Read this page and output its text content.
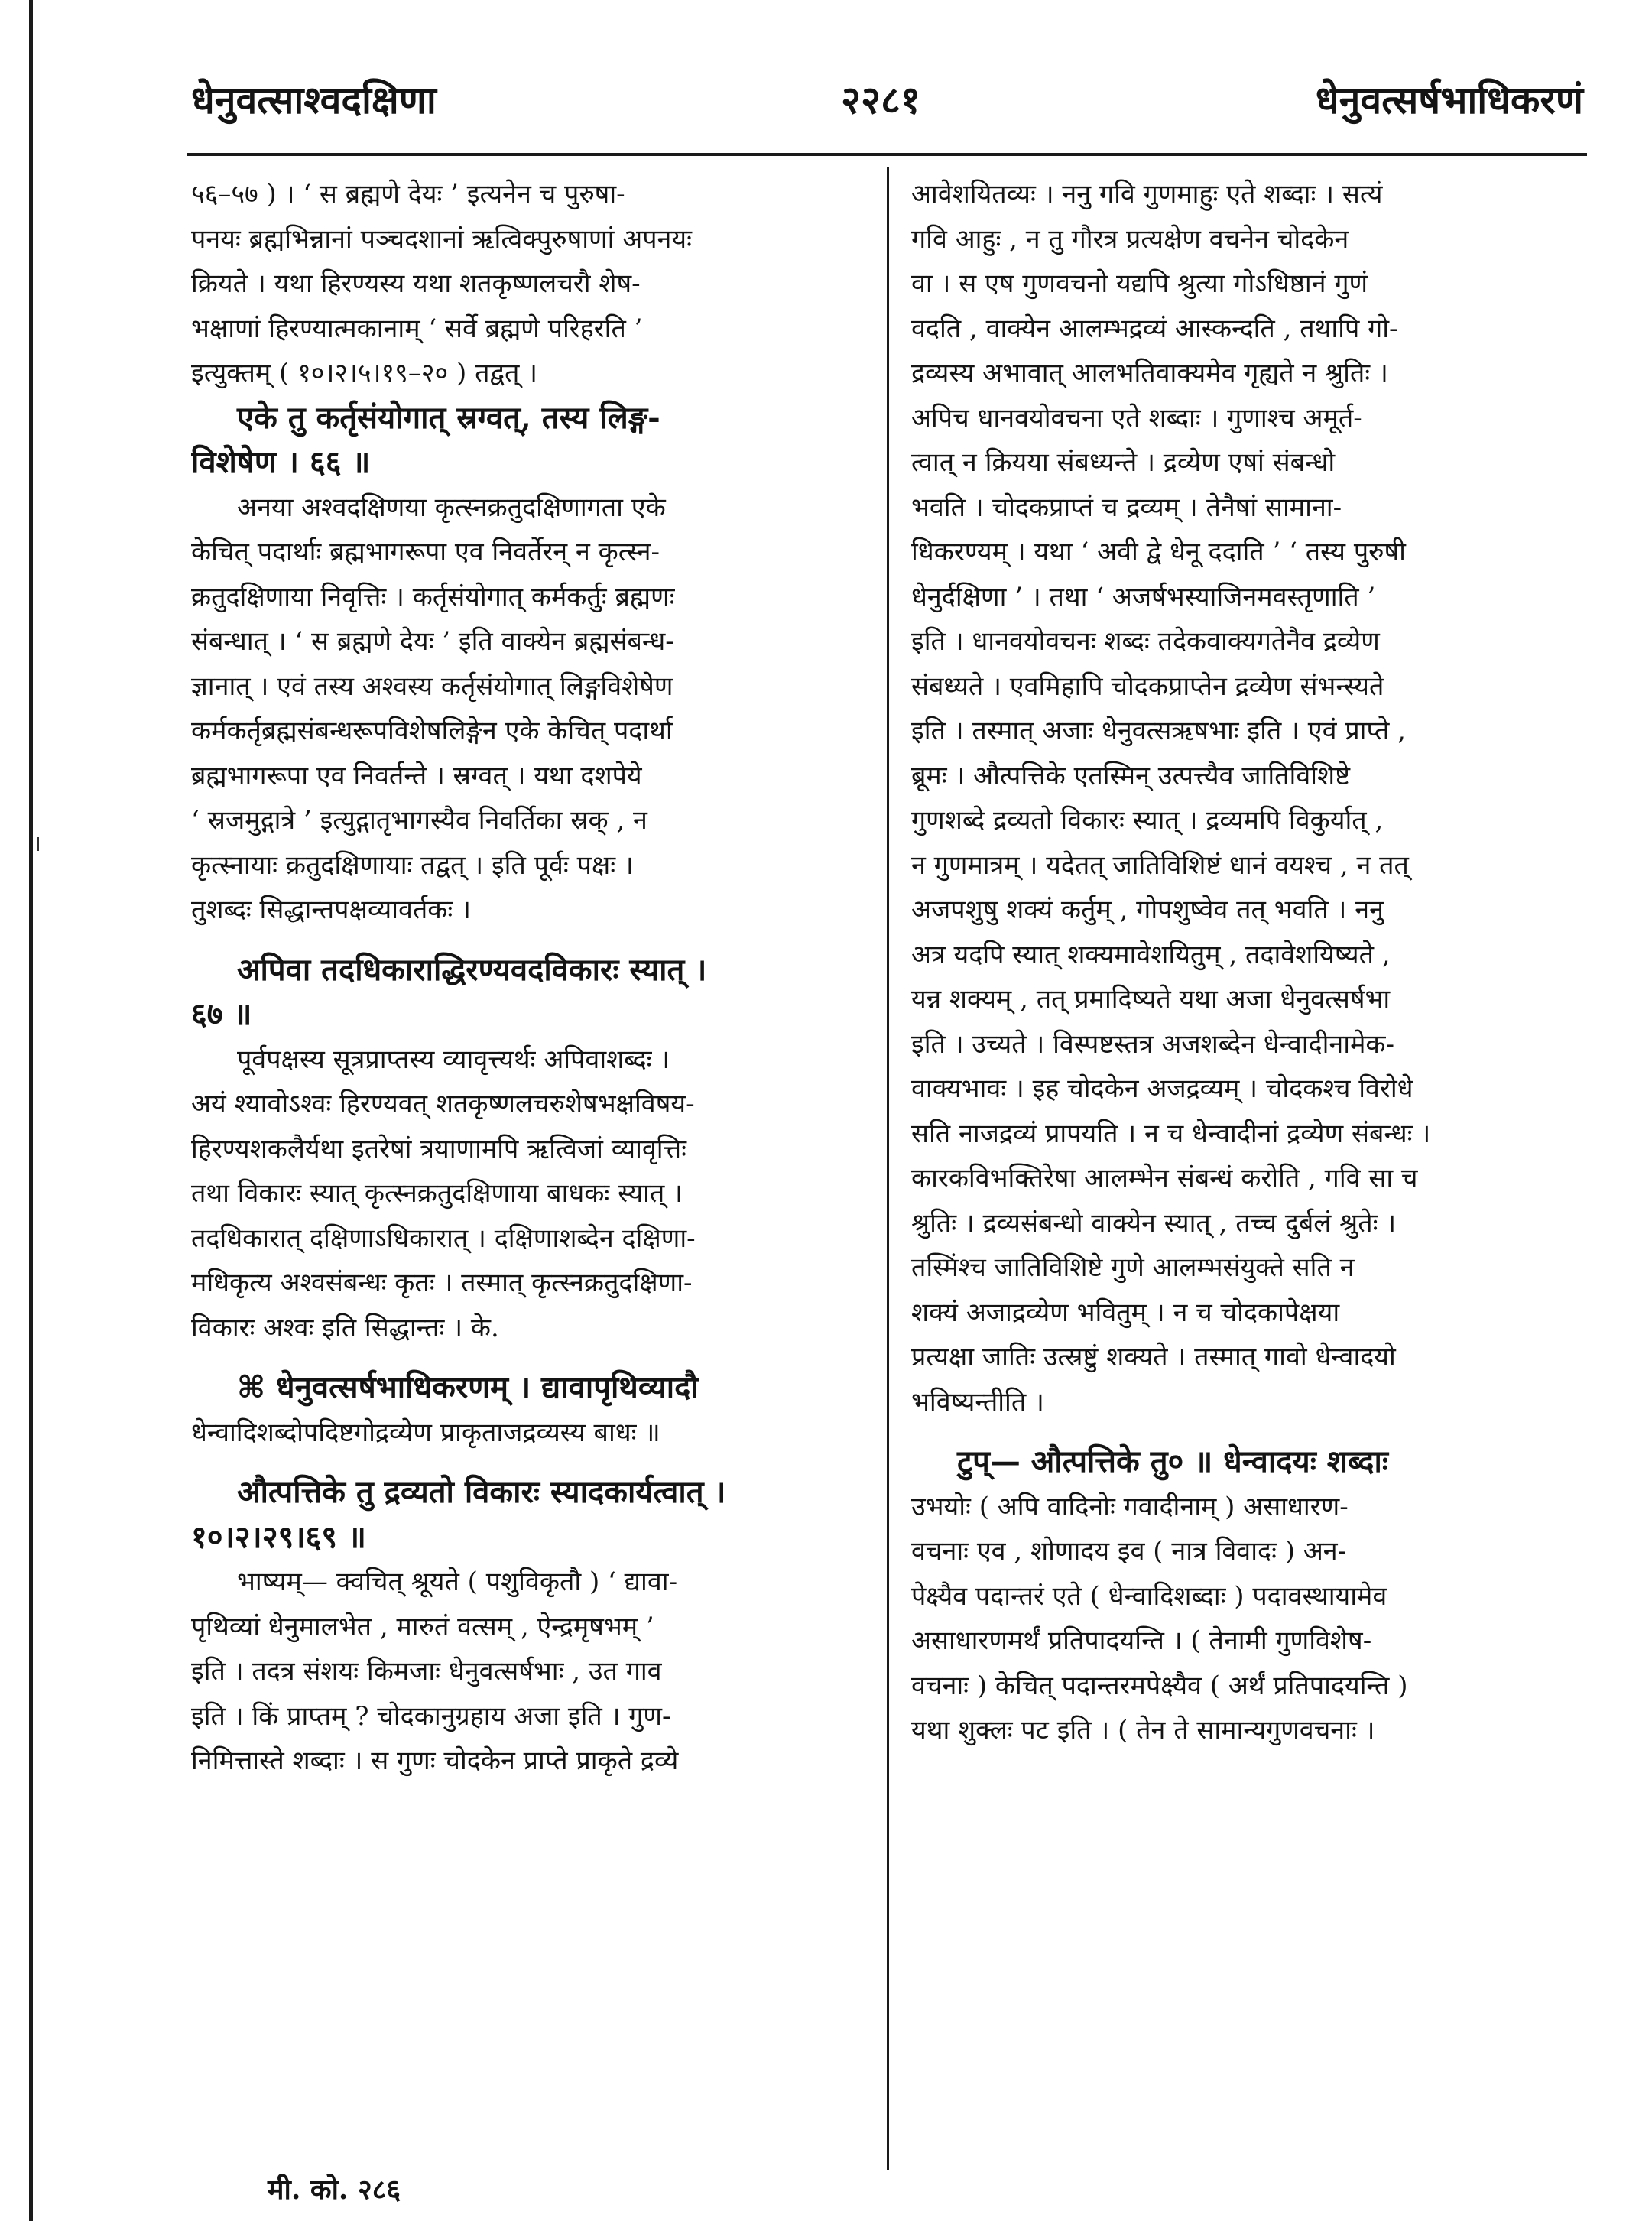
धेनुवत्साश्वदक्षिणा	२२८१	धेनुवत्सर्षभाधिकरणं
५६–५७ ) । ‘ स ब्रह्मणे देयः ’ इत्यनेन च पुरुषा-
पनयः ब्रह्मभिन्नानां पञ्चदशानां ऋत्विक्पुरुषाणां अपनयः
क्रियते । यथा हिरण्यस्य यथा शतकृष्णलचरौ शेष-
भक्षाणां हिरण्यात्मकानाम् ‘ सर्वे ब्रह्मणे परिहरति ’
इत्युक्तम् ( १०।२।५।१९–२० ) तद्वत् ।
एके तु कर्तृसंयोगात् स्रग्वत्, तस्य लिङ्ग-
विशेषेण । ६६ ॥
अनया अश्वदक्षिणया कृत्स्नक्रतुदक्षिणागता एके
केचित् पदार्थाः ब्रह्मभागरूपा एव निवर्तेरन् न कृत्स्न-
क्रतुदक्षिणाया निवृत्तिः । कर्तृसंयोगात् कर्मकर्तुः ब्रह्मणः
संबन्धात् । ‘ स ब्रह्मणे देयः ’ इति वाक्येन ब्रह्मसंबन्ध-
ज्ञानात् । एवं तस्य अश्वस्य कर्तृसंयोगात् लिङ्गविशेषेण
कर्मकर्तृब्रह्मसंबन्धरूपविशेषलिङ्गेन एके केचित् पदार्था
ब्रह्मभागरूपा एव निवर्तन्ते । स्रग्वत् । यथा दशपेये
‘ स्रजमुद्गात्रे ’ इत्युद्गातृभागस्यैव निवर्तिका स्रक् , न
कृत्स्नायाः क्रतुदक्षिणायाः तद्वत् । इति पूर्वः पक्षः ।
तुशब्दः सिद्धान्तपक्षव्यावर्तकः ।
अपिवा तदधिकाराद्धिरण्यवदविकारः स्यात् ।
६७ ॥
पूर्वपक्षस्य सूत्रप्राप्तस्य व्यावृत्त्यर्थः अपिवाशब्दः ।
अयं श्यावोऽश्वः हिरण्यवत् शतकृष्णलचरुशेषभक्षविषय-
हिरण्यशकलैर्यथा इतरेषां त्रयाणामपि ऋत्विजां व्यावृत्तिः
तथा विकारः स्यात् कृत्स्नक्रतुदक्षिणाया बाधकः स्यात् ।
तदधिकारात् दक्षिणाऽधिकारात् । दक्षिणाशब्देन दक्षिणा-
मधिकृत्य अश्वसंबन्धः कृतः । तस्मात् कृत्स्नक्रतुदक्षिणा-
विकारः अश्वः इति सिद्धान्तः । के.
⌘ धेनुवत्सर्षभाधिकरणम् । द्यावापृथिव्यादौ
धेन्वादिशब्दोपदिष्टगोद्रव्येण प्राकृताजद्रव्यस्य बाधः ॥
औत्पत्तिके तु द्रव्यतो विकारः स्यादकार्यत्वात् ।
१०।२।२९।६९ ॥
भाष्यम्— क्वचित् श्रूयते ( पशुविकृतौ ) ‘ द्यावा-
पृथिव्यां धेनुमालभेत , मारुतं वत्सम् , ऐन्द्रमृषभम् ’
इति । तदत्र संशयः किमजाः धेनुवत्सर्षभाः , उत गाव
इति । किं प्राप्तम् ? चोदकानुग्रहाय अजा इति । गुण-
निमित्तास्ते शब्दाः । स गुणः चोदकेन प्राप्ते प्राकृते द्रव्ये
आवेशयितव्यः । ननु गवि गुणमाहुः एते शब्दाः । सत्यं
गवि आहुः , न तु गौरत्र प्रत्यक्षेण वचनेन चोदकेन
वा । स एष गुणवचनो यद्यपि श्रुत्या गोऽधिष्ठानं गुणं
वदति , वाक्येन आलम्भद्रव्यं आस्कन्दति , तथापि गो-
द्रव्यस्य अभावात् आलभतिवाक्यमेव गृह्यते न श्रुतिः ।
अपिच धानवयोवचना एते शब्दाः । गुणाश्च अमूर्त-
त्वात् न क्रियया संबध्यन्ते । द्रव्येण एषां संबन्धो
भवति । चोदकप्राप्तं च द्रव्यम् । तेनैषां सामाना-
धिकरण्यम् । यथा ‘ अवी द्वे धेनू ददाति ’ ‘ तस्य पुरुषी
धेनुर्दक्षिणा ’ । तथा ‘ अजर्षभस्याजिनमवस्तृणाति ’
इति । धानवयोवचनः शब्दः तदेकवाक्यगतेनैव द्रव्येण
संबध्यते । एवमिहापि चोदकप्राप्तेन द्रव्येण संभन्स्यते
इति । तस्मात् अजाः धेनुवत्सऋषभाः इति । एवं प्राप्ते ,
ब्रूमः । औत्पत्तिके एतस्मिन् उत्पत्त्यैव जातिविशिष्टे
गुणशब्दे द्रव्यतो विकारः स्यात् । द्रव्यमपि विकुर्यात् ,
न गुणमात्रम् । यदेतत् जातिविशिष्टं धानं वयश्च , न तत्
अजपशुषु शक्यं कर्तुम् , गोपशुष्वेव तत् भवति । ननु
अत्र यदपि स्यात् शक्यमावेशयितुम् , तदावेशयिष्यते ,
यन्न शक्यम् , तत् प्रमादिष्यते यथा अजा धेनुवत्सर्षभा
इति । उच्यते । विस्पष्टस्तत्र अजशब्देन धेन्वादीनामेक-
वाक्यभावः । इह चोदकेन अजद्रव्यम् । चोदकश्च विरोधे
सति नाजद्रव्यं प्रापयति । न च धेन्वादीनां द्रव्येण संबन्धः ।
कारकविभक्तिरेषा आलम्भेन संबन्धं करोति , गवि सा च
श्रुतिः । द्रव्यसंबन्धो वाक्येन स्यात् , तच्च दुर्बलं श्रुतेः ।
तस्मिंश्च जातिविशिष्टे गुणे आलम्भसंयुक्ते सति न
शक्यं अजाद्रव्येण भवितुम् । न च चोदकापेक्षया
प्रत्यक्षा जातिः उत्स्रष्टुं शक्यते । तस्मात् गावो धेन्वादयो
भविष्यन्तीति ।
टुप्— औत्पत्तिके तु० ॥ धेन्वादयः शब्दाः
उभयोः ( अपि वादिनोः गवादीनाम् ) असाधारण-
वचनाः एव , शोणादय इव ( नात्र विवादः ) अन-
पेक्ष्यैव पदान्तरं एते ( धेन्वादिशब्दाः ) पदावस्थायामेव
असाधारणमर्थं प्रतिपादयन्ति । ( तेनामी गुणविशेष-
वचनाः ) केचित् पदान्तरमपेक्ष्यैव ( अर्थं प्रतिपादयन्ति )
यथा शुक्लः पट इति । ( तेन ते सामान्यगुणवचनाः ।
मी. को. २८६
